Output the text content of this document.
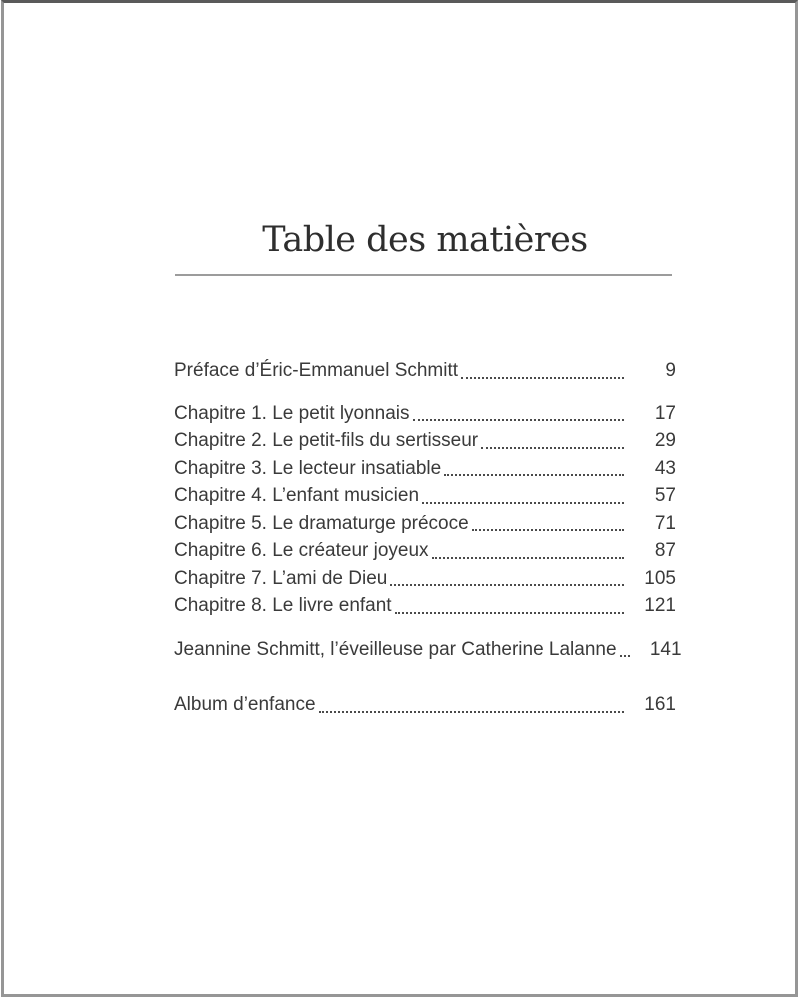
Table des matières
Préface d’Éric-Emmanuel Schmitt	9
Chapitre 1. Le petit lyonnais	17
Chapitre 2. Le petit-fils du sertisseur	29
Chapitre 3. Le lecteur insatiable	43
Chapitre 4. L’enfant musicien	57
Chapitre 5. Le dramaturge précoce	71
Chapitre 6. Le créateur joyeux	87
Chapitre 7. L’ami de Dieu	105
Chapitre 8. Le livre enfant	121
Jeannine Schmitt, l’éveilleuse par Catherine Lalanne	141
Album d’enfance	161
